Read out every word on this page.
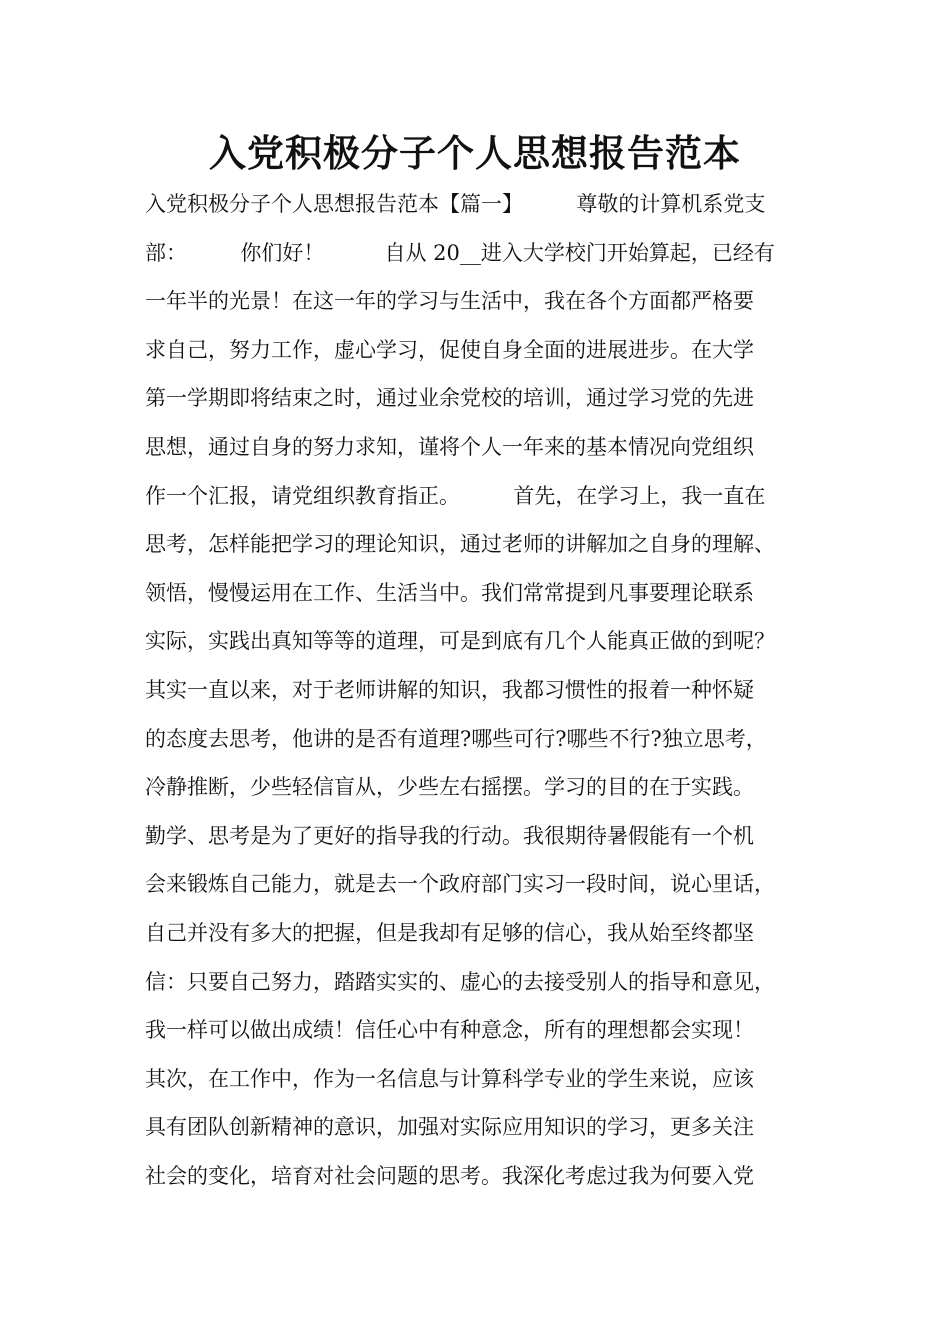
入党积极分子个人思想报告范本
入党积极分子个人思想报告范本【篇一】        尊敬的计算机系党支
部：        你们好！         自从 20__进入大学校门开始算起，已经有
一年半的光景！在这一年的学习与生活中，我在各个方面都严格要
求自己，努力工作，虚心学习，促使自身全面的进展进步。在大学
第一学期即将结束之时，通过业余党校的培训，通过学习党的先进
思想，通过自身的努力求知，谨将个人一年来的基本情况向党组织
作一个汇报，请党组织教育指正。        首先，在学习上，我一直在
思考，怎样能把学习的理论知识，通过老师的讲解加之自身的理解、
领悟，慢慢运用在工作、生活当中。我们常常提到凡事要理论联系
实际，实践出真知等等的道理，可是到底有几个人能真正做的到呢？
其实一直以来，对于老师讲解的知识，我都习惯性的报着一种怀疑
的态度去思考，他讲的是否有道理?哪些可行?哪些不行?独立思考，
冷静推断，少些轻信盲从，少些左右摇摆。学习的目的在于实践。
勤学、思考是为了更好的指导我的行动。我很期待暑假能有一个机
会来锻炼自己能力，就是去一个政府部门实习一段时间，说心里话，
自己并没有多大的把握，但是我却有足够的信心，我从始至终都坚
信：只要自己努力，踏踏实实的、虚心的去接受别人的指导和意见，
我一样可以做出成绩！信任心中有种意念，所有的理想都会实现！
其次，在工作中，作为一名信息与计算科学专业的学生来说，应该
具有团队创新精神的意识，加强对实际应用知识的学习，更多关注
社会的变化，培育对社会问题的思考。我深化考虑过我为何要入党
